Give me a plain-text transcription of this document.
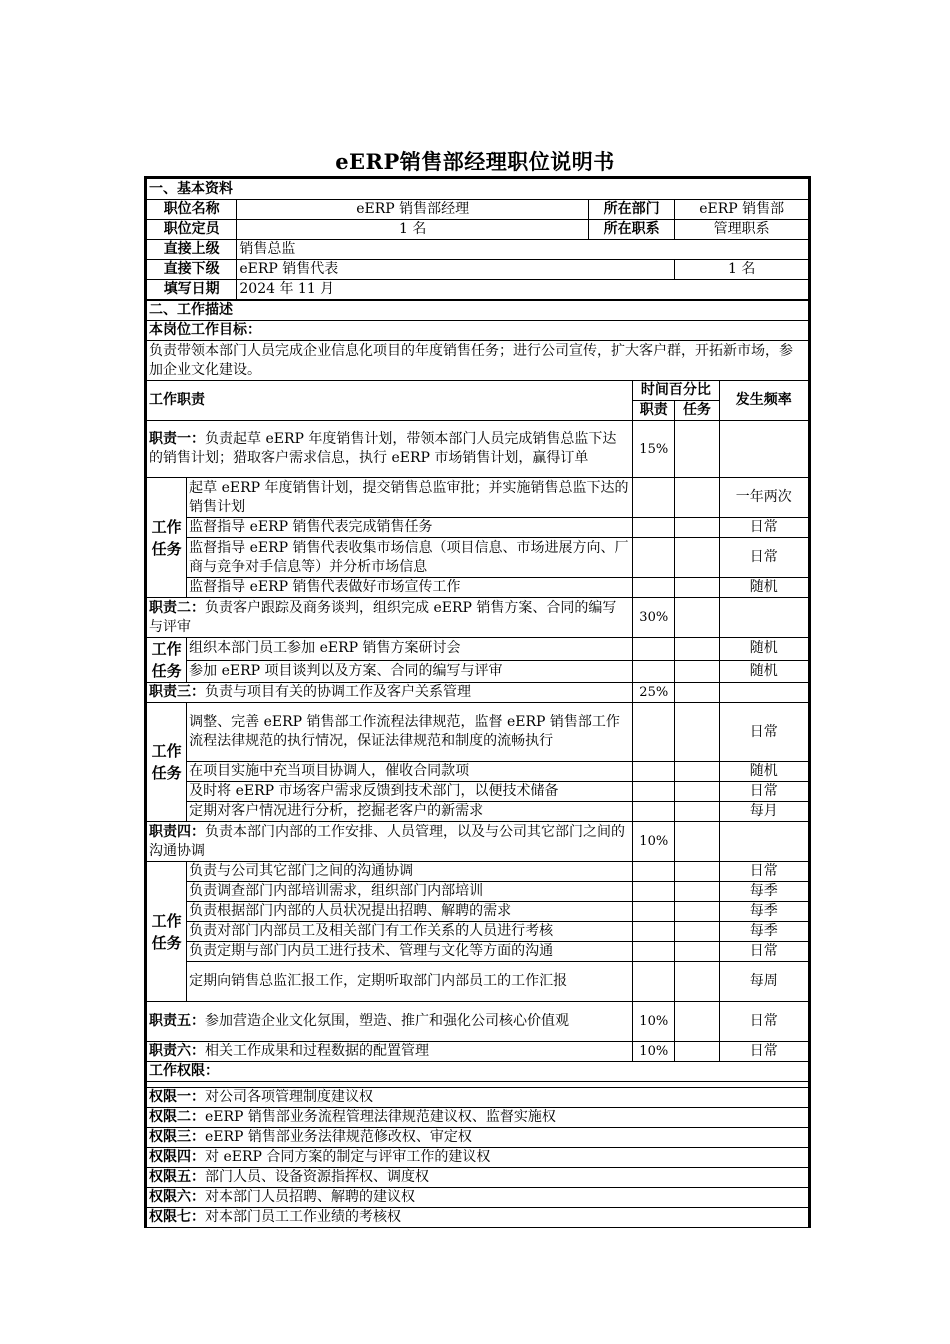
eERP销售部经理职位说明书
一、基本资料						
职位名称		eERP 销售部经理	所在部门		eERP 销售部	
职位定员		1 名	所在职系		管理职系	
直接上级		销售总监				
直接下级		eERP 销售代表			1 名	
填写日期		2024 年 11 月				
二、工作描述						
本岗位工作目标：						
负责带领本部门人员完成企业信息化项目的年度销售任务；进行公司宣传，扩大客户群，开拓新市场，参加企业文化建设。						
工作职责				时间百分比		发生频率
				职责	任务	
职责一：负责起草 eERP 年度销售计划，带领本部门人员完成销售总监下达的销售计划；猎取客户需求信息，执行 eERP 市场销售计划，赢得订单				15%		

工作
任务	起草 eERP 年度销售计划，提交销售总监审批；并实施销售总监下达的销售计划					一年两次
	监督指导 eERP 销售代表完成销售任务					日常
	监督指导 eERP 销售代表收集市场信息（项目信息、市场进展方向、厂商与竞争对手信息等）并分析市场信息					日常
	监督指导 eERP 销售代表做好市场宣传工作					随机
职责二：负责客户跟踪及商务谈判，组织完成 eERP 销售方案、合同的编写与评审				30%		

工作
任务	组织本部门员工参加 eERP 销售方案研讨会					随机
	参加 eERP 项目谈判以及方案、合同的编写与评审					随机
职责三：负责与项目有关的协调工作及客户关系管理				25%		

工作
任务	调整、完善 eERP 销售部工作流程法律规范，监督 eERP 销售部工作流程法律规范的执行情况，保证法律规范和制度的流畅执行					日常
	在项目实施中充当项目协调人，催收合同款项					随机
	及时将 eERP 市场客户需求反馈到技术部门，以便技术储备					日常
	定期对客户情况进行分析，挖掘老客户的新需求					每月
职责四：负责本部门内部的工作安排、人员管理，以及与公司其它部门之间的沟通协调				10%		

工作
任务	负责与公司其它部门之间的沟通协调					日常
	负责调查部门内部培训需求，组织部门内部培训					每季
	负责根据部门内部的人员状况提出招聘、解聘的需求					每季
	负责对部门内部员工及相关部门有工作关系的人员进行考核					每季
	负责定期与部门内员工进行技术、管理与文化等方面的沟通					日常
	定期向销售总监汇报工作，定期听取部门内部员工的工作汇报					每周
职责五：参加营造企业文化氛围，塑造、推广和强化公司核心价值观				10%		日常
职责六：相关工作成果和过程数据的配置管理				10%		日常
工作权限：						

权限一：对公司各项管理制度建议权						
权限二：eERP 销售部业务流程管理法律规范建议权、监督实施权						
权限三：eERP 销售部业务法律规范修改权、审定权						
权限四：对 eERP 合同方案的制定与评审工作的建议权						
权限五：部门人员、设备资源指挥权、调度权						
权限六：对本部门人员招聘、解聘的建议权						
权限七：对本部门员工工作业绩的考核权						
